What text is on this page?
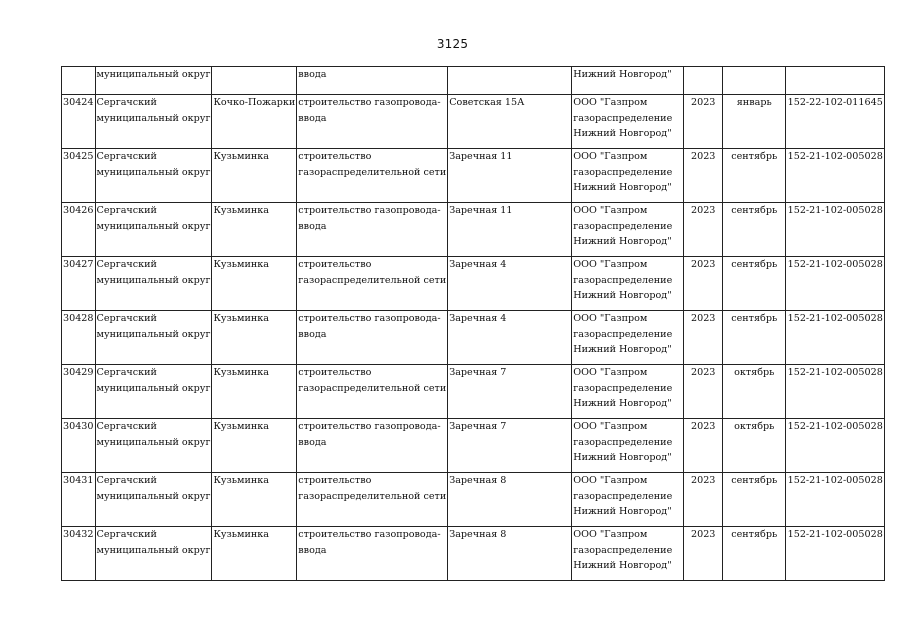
3125
	муниципальный округ		ввода		Нижний Новгород"			
30424	Сергачский
муниципальный округ	Кочко-Пожарки	строительство газопровода-
ввода	Советская 15А	ООО "Газпром
газораспределение
Нижний Новгород"	2023	январь	152-22-102-011645
30425	Сергачский
муниципальный округ	Кузьминка	строительство
газораспределительной сети	Заречная 11	ООО "Газпром
газораспределение
Нижний Новгород"	2023	сентябрь	152-21-102-005028
30426	Сергачский
муниципальный округ	Кузьминка	строительство газопровода-
ввода	Заречная 11	ООО "Газпром
газораспределение
Нижний Новгород"	2023	сентябрь	152-21-102-005028
30427	Сергачский
муниципальный округ	Кузьминка	строительство
газораспределительной сети	Заречная 4	ООО "Газпром
газораспределение
Нижний Новгород"	2023	сентябрь	152-21-102-005028
30428	Сергачский
муниципальный округ	Кузьминка	строительство газопровода-
ввода	Заречная 4	ООО "Газпром
газораспределение
Нижний Новгород"	2023	сентябрь	152-21-102-005028
30429	Сергачский
муниципальный округ	Кузьминка	строительство
газораспределительной сети	Заречная 7	ООО "Газпром
газораспределение
Нижний Новгород"	2023	октябрь	152-21-102-005028
30430	Сергачский
муниципальный округ	Кузьминка	строительство газопровода-
ввода	Заречная 7	ООО "Газпром
газораспределение
Нижний Новгород"	2023	октябрь	152-21-102-005028
30431	Сергачский
муниципальный округ	Кузьминка	строительство
газораспределительной сети	Заречная 8	ООО "Газпром
газораспределение
Нижний Новгород"	2023	сентябрь	152-21-102-005028
30432	Сергачский
муниципальный округ	Кузьминка	строительство газопровода-
ввода	Заречная 8	ООО "Газпром
газораспределение
Нижний Новгород"	2023	сентябрь	152-21-102-005028
